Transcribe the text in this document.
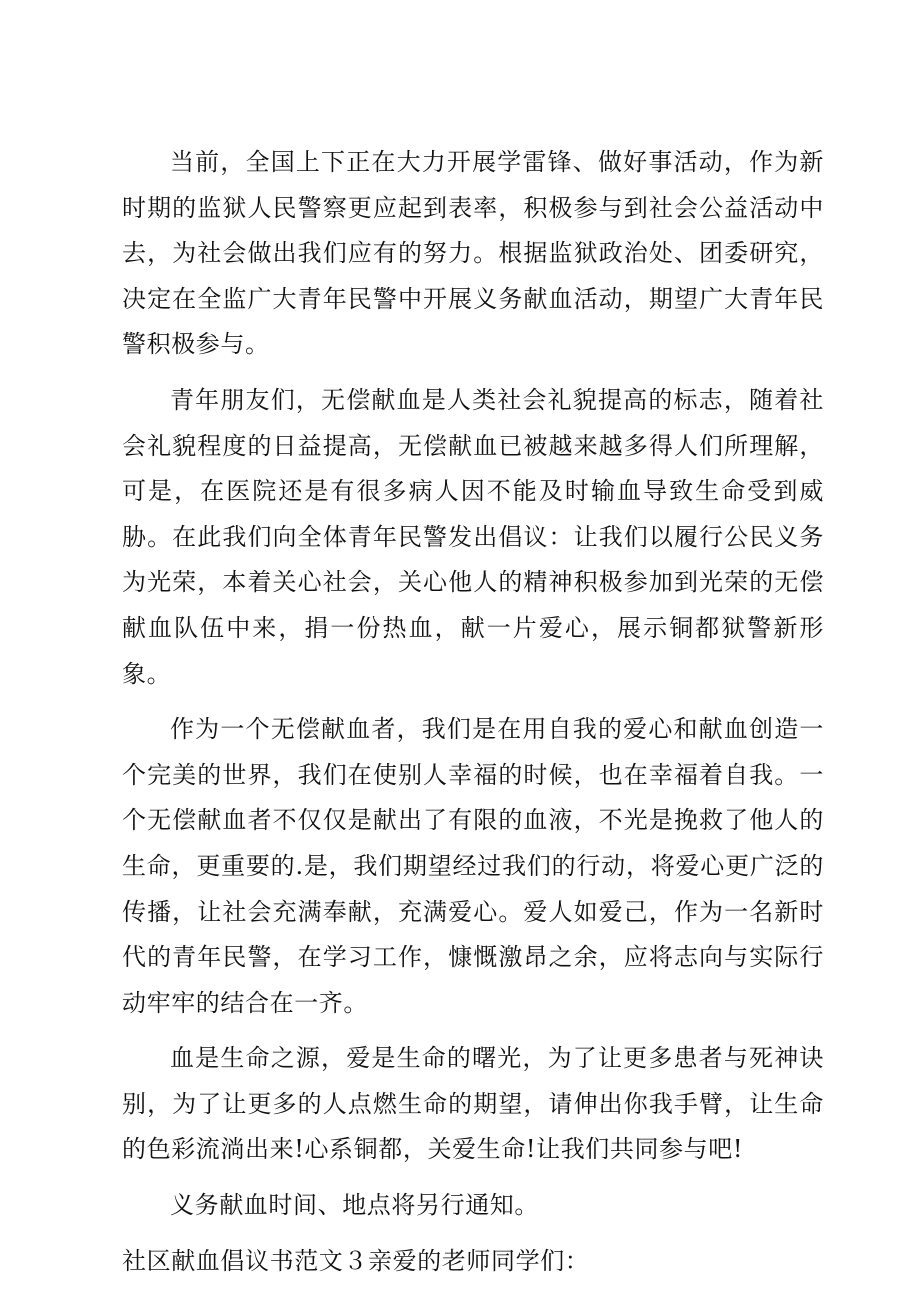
当前，全国上下正在大力开展学雷锋、做好事活动，作为新时期的监狱人民警察更应起到表率，积极参与到社会公益活动中去，为社会做出我们应有的努力。根据监狱政治处、团委研究，决定在全监广大青年民警中开展义务献血活动，期望广大青年民警积极参与。

青年朋友们，无偿献血是人类社会礼貌提高的标志，随着社会礼貌程度的日益提高，无偿献血已被越来越多得人们所理解，可是，在医院还是有很多病人因不能及时输血导致生命受到威胁。在此我们向全体青年民警发出倡议：让我们以履行公民义务为光荣，本着关心社会，关心他人的精神积极参加到光荣的无偿献血队伍中来，捐一份热血，献一片爱心，展示铜都狱警新形象。

作为一个无偿献血者，我们是在用自我的爱心和献血创造一个完美的世界，我们在使别人幸福的时候，也在幸福着自我。一个无偿献血者不仅仅是献出了有限的血液，不光是挽救了他人的生命，更重要的.是，我们期望经过我们的行动，将爱心更广泛的传播，让社会充满奉献，充满爱心。爱人如爱己，作为一名新时代的青年民警，在学习工作，慷慨激昂之余，应将志向与实际行动牢牢的结合在一齐。

血是生命之源，爱是生命的曙光，为了让更多患者与死神诀别，为了让更多的人点燃生命的期望，请伸出你我手臂，让生命的色彩流淌出来!心系铜都，关爱生命!让我们共同参与吧!

义务献血时间、地点将另行通知。

社区献血倡议书范文３亲爱的老师同学们：
